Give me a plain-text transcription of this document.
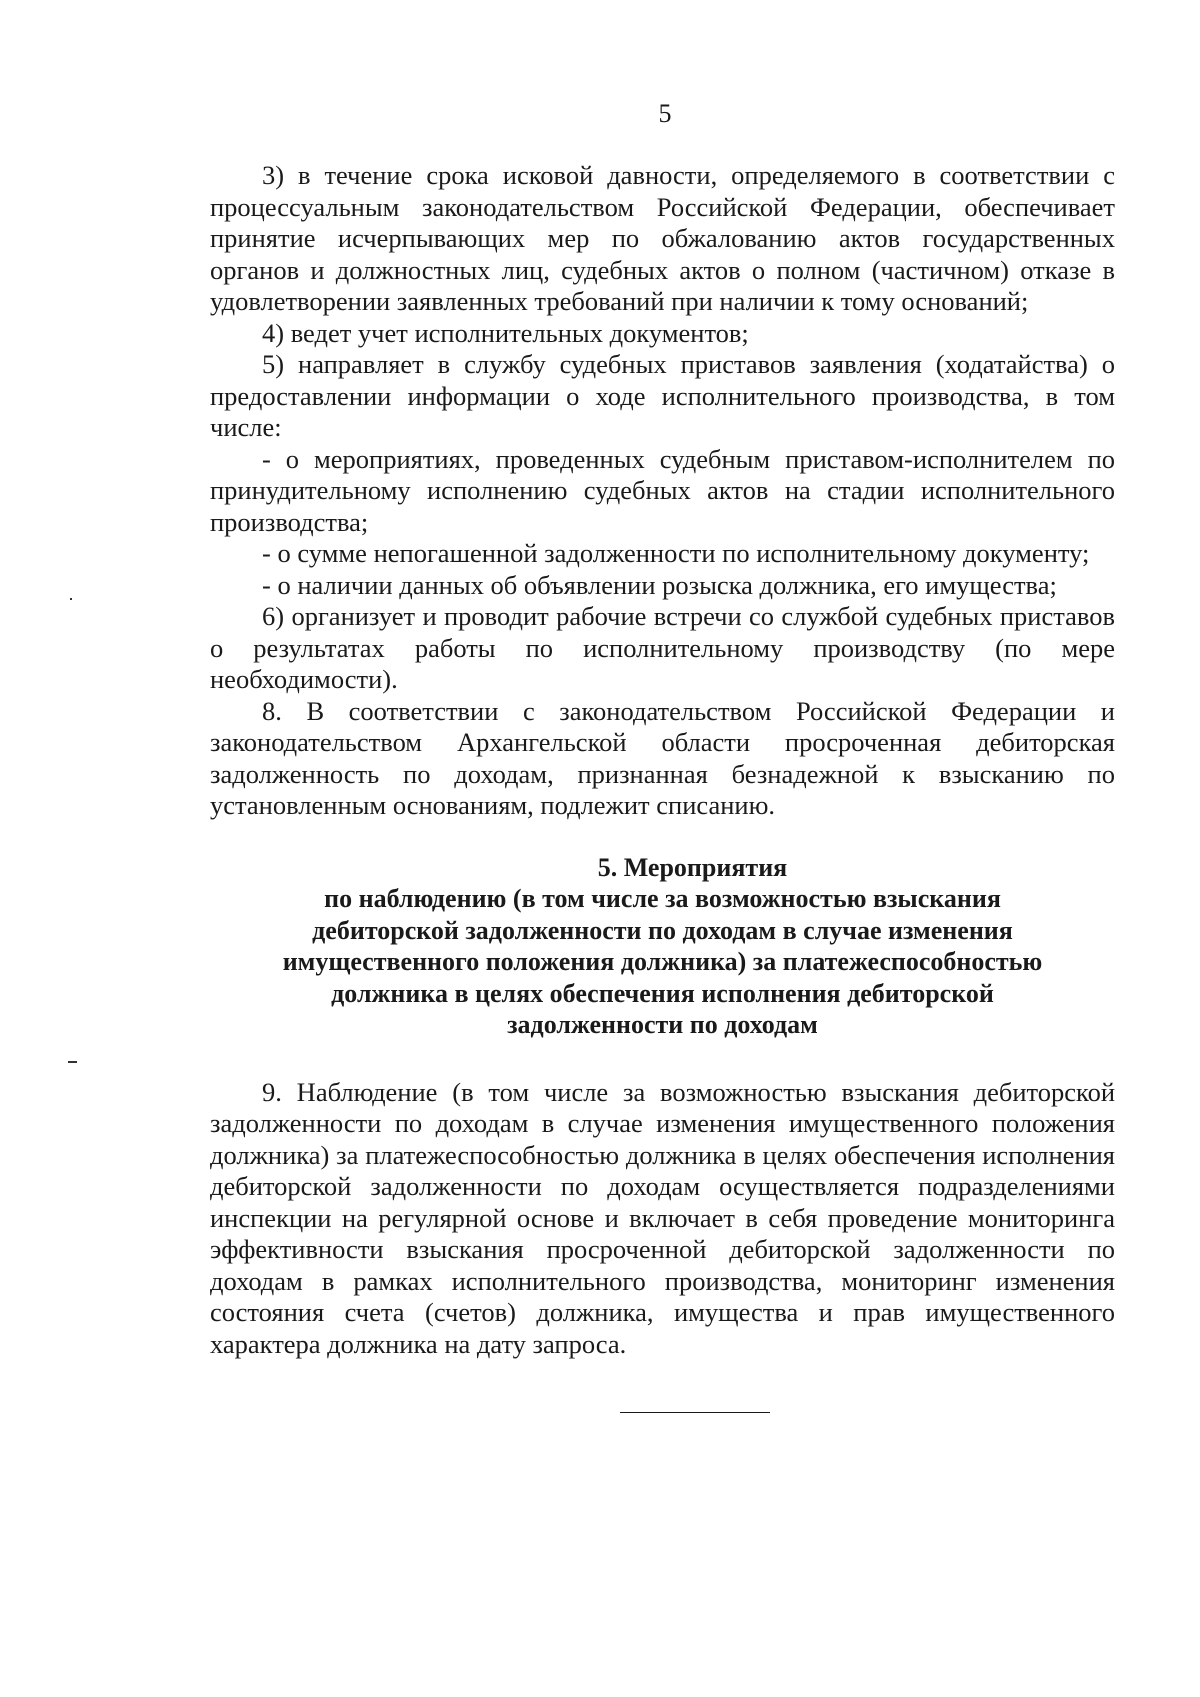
5

3) в течение срока исковой давности, определяемого в соответствии с процессуальным законодательством Российской Федерации, обеспечивает принятие исчерпывающих мер по обжалованию актов государственных органов и должностных лиц, судебных актов о полном (частичном) отказе в удовлетворении заявленных требований при наличии к тому оснований;

4) ведет учет исполнительных документов;

5) направляет в службу судебных приставов заявления (ходатайства) о предоставлении информации о ходе исполнительного производства, в том числе:

- о мероприятиях, проведенных судебным приставом-исполнителем по принудительному исполнению судебных актов на стадии исполнительного производства;

- о сумме непогашенной задолженности по исполнительному документу;

- о наличии данных об объявлении розыска должника, его имущества;

6) организует и проводит рабочие встречи со службой судебных приставов о результатах работы по исполнительному производству (по мере необходимости).

8. В соответствии с законодательством Российской Федерации и законодательством Архангельской области просроченная дебиторская задолженность по доходам, признанная безнадежной к взысканию по установленным основаниям, подлежит списанию.

5. Мероприятия
по наблюдению (в том числе за возможностью взыскания
дебиторской задолженности по доходам в случае изменения
имущественного положения должника) за платежеспособностью
должника в целях обеспечения исполнения дебиторской
задолженности по доходам

9. Наблюдение (в том числе за возможностью взыскания дебиторской задолженности по доходам в случае изменения имущественного положения должника) за платежеспособностью должника в целях обеспечения исполнения дебиторской задолженности по доходам осуществляется подразделениями инспекции на регулярной основе и включает в себя проведение мониторинга эффективности взыскания просроченной дебиторской задолженности по доходам в рамках исполнительного производства, мониторинг изменения состояния счета (счетов) должника, имущества и прав имущественного характера должника на дату запроса.
